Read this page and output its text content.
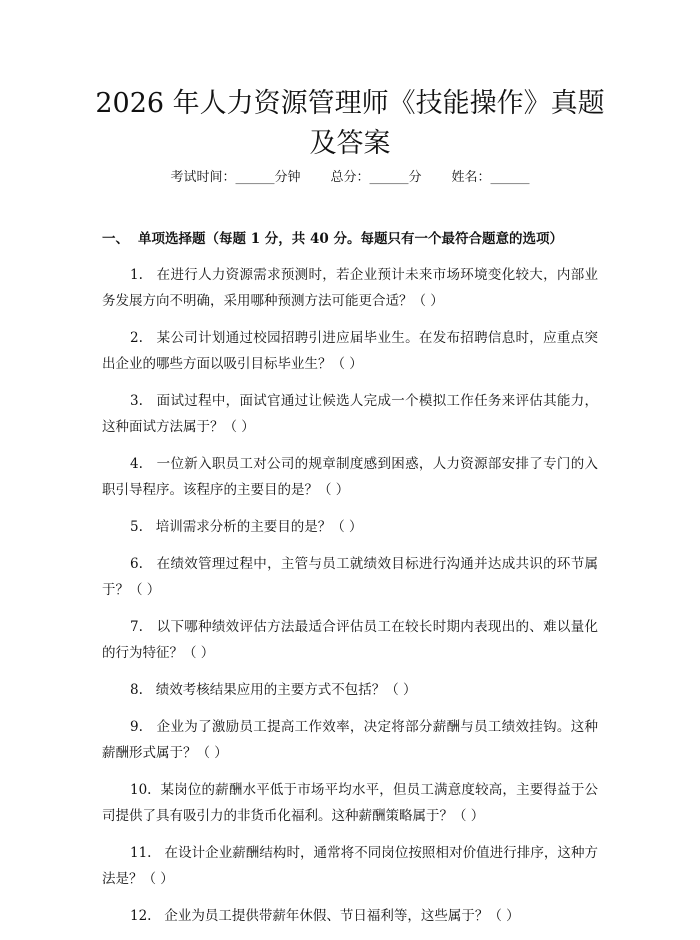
2026 年人力资源管理师《技能操作》真题及答案
考试时间：______分钟 总分：______分 姓名：______
一、 单项选择题（每题 1 分，共 40 分。每题只有一个最符合题意的选项）
1. 在进行人力资源需求预测时，若企业预计未来市场环境变化较大，内部业务发展方向不明确，采用哪种预测方法可能更合适？（ ）
2. 某公司计划通过校园招聘引进应届毕业生。在发布招聘信息时，应重点突出企业的哪些方面以吸引目标毕业生？（ ）
3. 面试过程中，面试官通过让候选人完成一个模拟工作任务来评估其能力，这种面试方法属于？（ ）
4. 一位新入职员工对公司的规章制度感到困惑，人力资源部安排了专门的入职引导程序。该程序的主要目的是？（ ）
5. 培训需求分析的主要目的是？（ ）
6. 在绩效管理过程中，主管与员工就绩效目标进行沟通并达成共识的环节属于？（ ）
7. 以下哪种绩效评估方法最适合评估员工在较长时期内表现出的、难以量化的行为特征？（ ）
8. 绩效考核结果应用的主要方式不包括？（ ）
9. 企业为了激励员工提高工作效率，决定将部分薪酬与员工绩效挂钩。这种薪酬形式属于？（ ）
10. 某岗位的薪酬水平低于市场平均水平，但员工满意度较高，主要得益于公司提供了具有吸引力的非货币化福利。这种薪酬策略属于？（ ）
11. 在设计企业薪酬结构时，通常将不同岗位按照相对价值进行排序，这种方法是？（ ）
12. 企业为员工提供带薪年休假、节日福利等，这些属于？（ ）
